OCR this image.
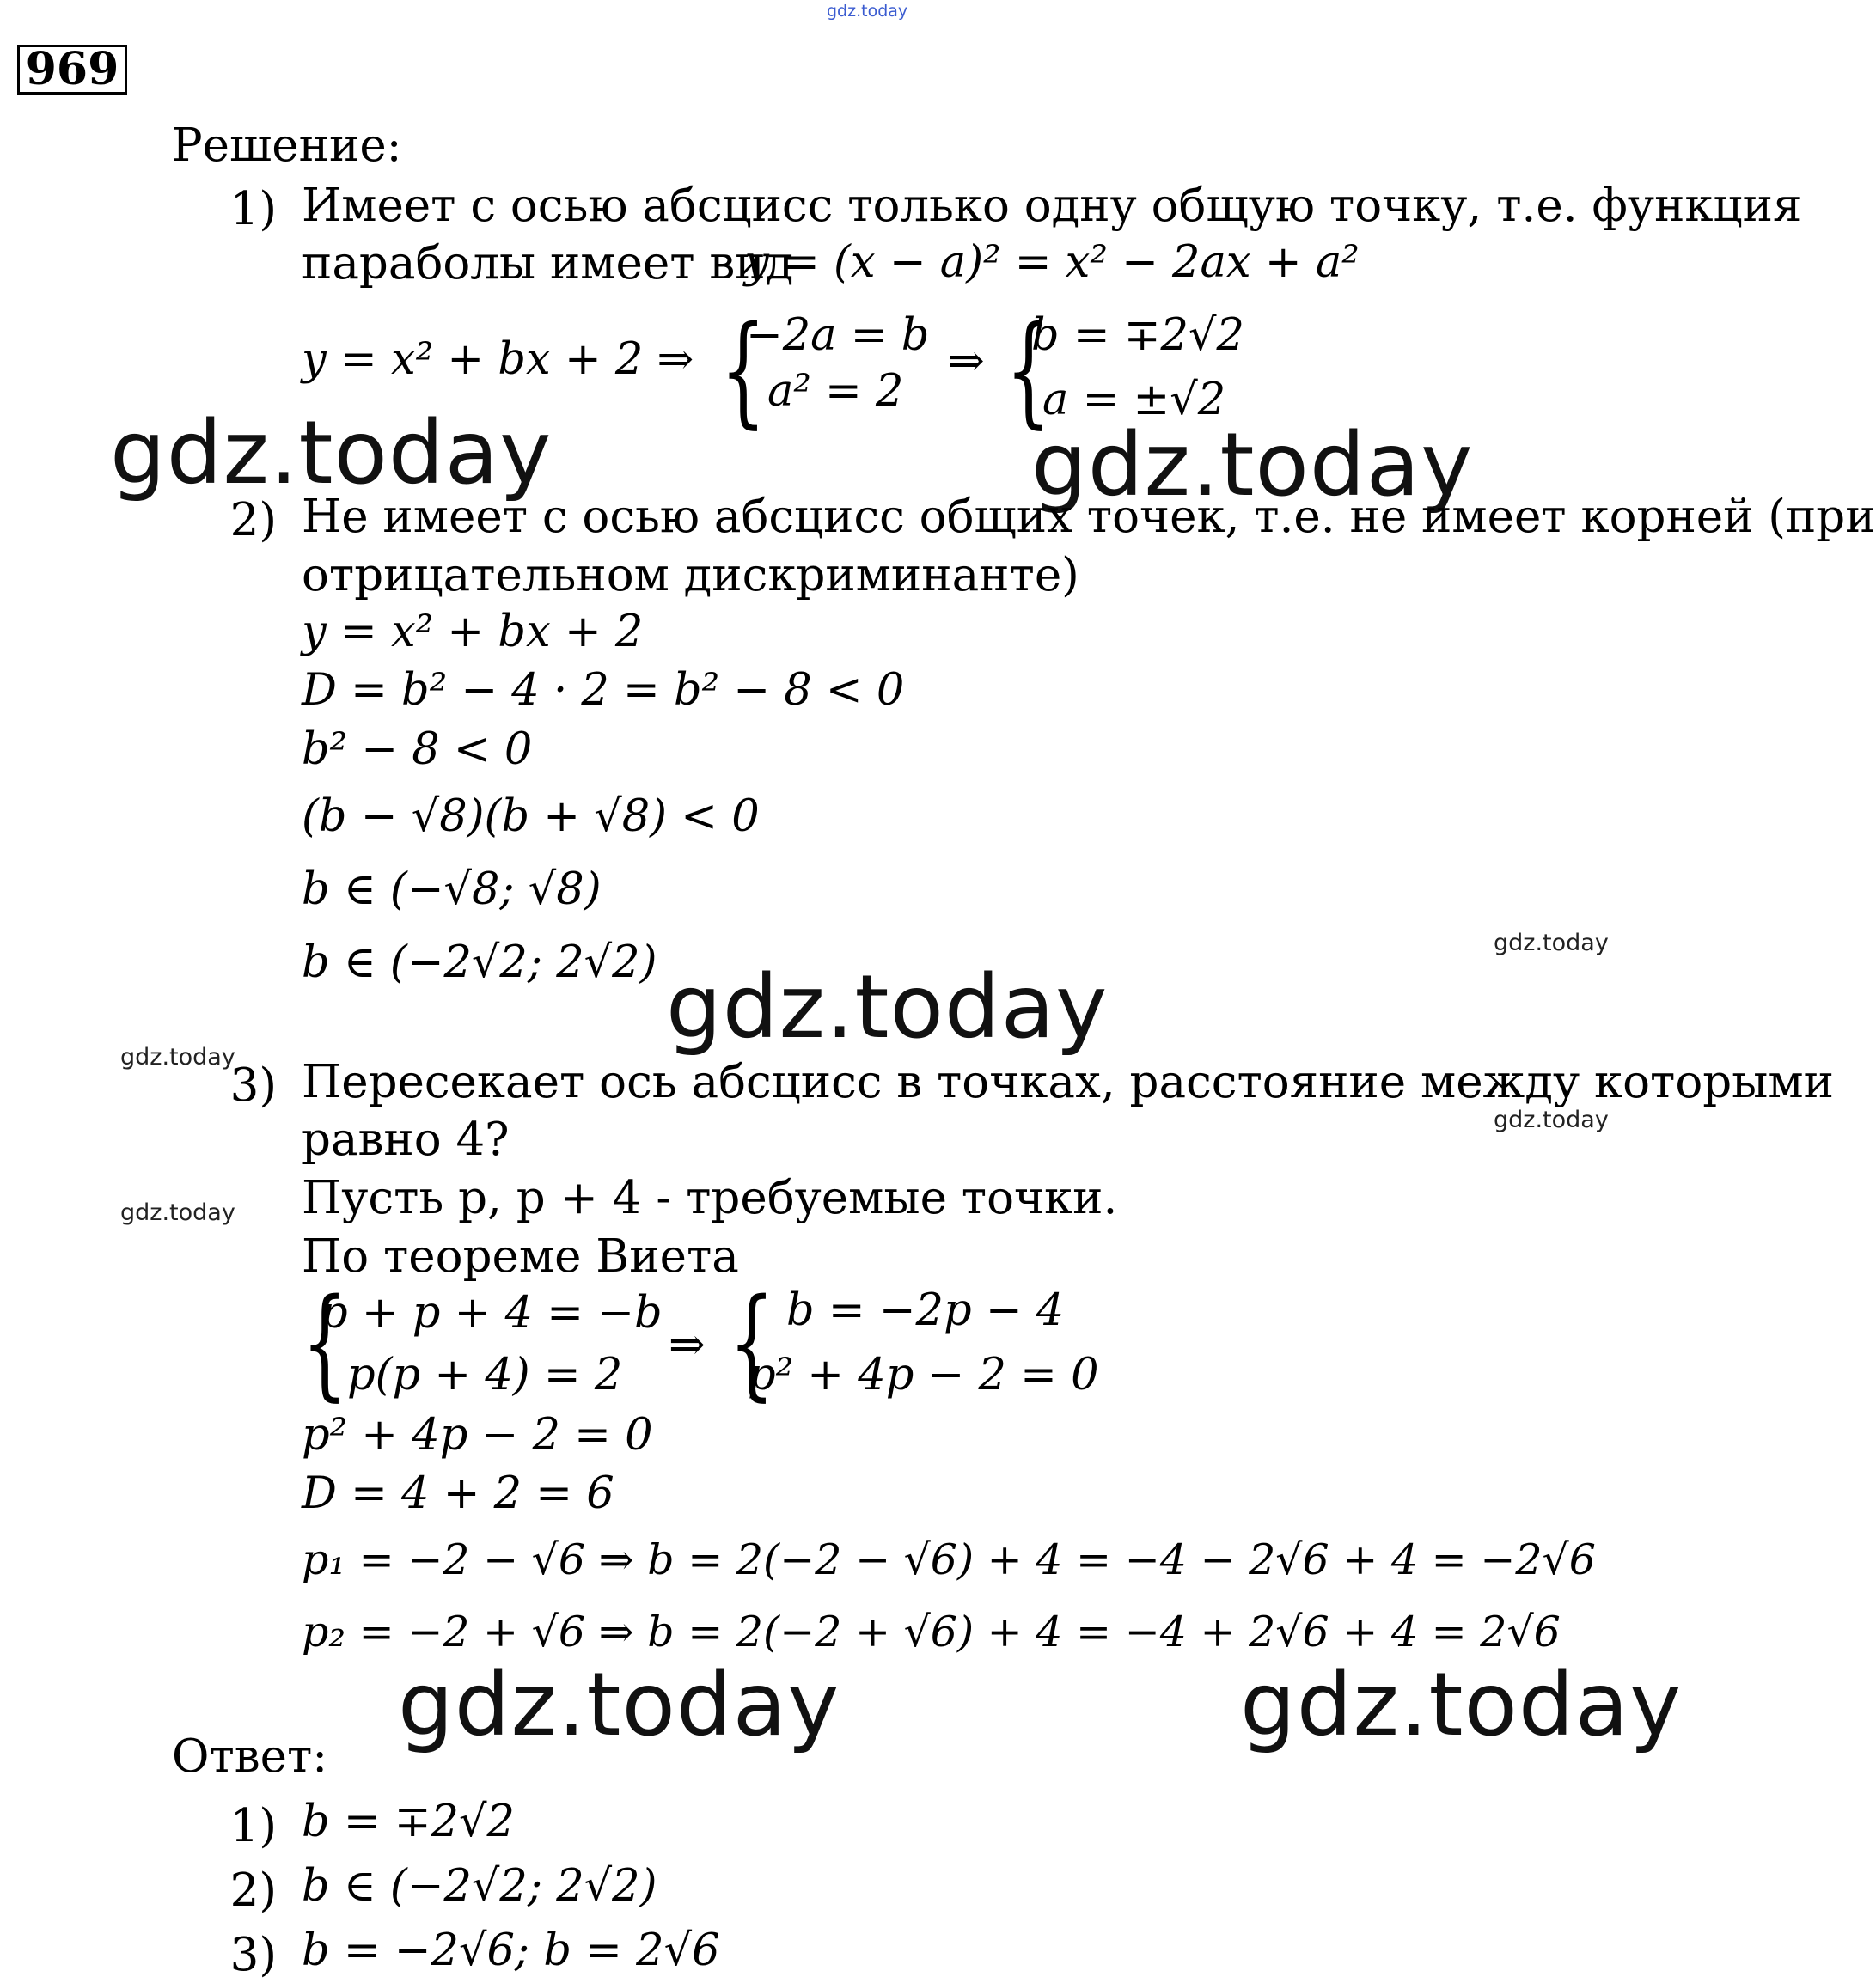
gdz.today
969
Решение:
1) Имеет с осью абсцисс только одну общую точку, т.е. функция
параболы имеет вид
y = (x − a)² = x² − 2ax + a²
y = x² + bx + 2 ⇒ {
−2a = b
a² = 2
⇒ {
b = ∓2√2
a = ±√2
gdz.today	gdz.today
2) Не имеет с осью абсцисс общих точек, т.е. не имеет корней (при
отрицательном дискриминанте)
y = x² + bx + 2
D = b² − 4 · 2 = b² − 8 < 0
b² − 8 < 0
(b − √8)(b + √8) < 0
b ∈ (−√8; √8)
b ∈ (−2√2; 2√2)	gdz.today
gdz.today
gdz.today
3) Пересекает ось абсцисс в точках, расстояние между которыми
gdz.today
равно 4?
gdz.today Пусть p, p + 4 - требуемые точки.
По теореме Виета
{
p + p + 4 = −b
p(p + 4) = 2
⇒ { b = −2p − 4
p² + 4p − 2 = 0
p² + 4p − 2 = 0
D = 4 + 2 = 6
p₁ = −2 − √6 ⇒ b = 2(−2 − √6) + 4 = −4 − 2√6 + 4 = −2√6
p₂ = −2 + √6 ⇒ b = 2(−2 + √6) + 4 = −4 + 2√6 + 4 = 2√6
gdz.today	gdz.today
Ответ:
1) b = ∓2√2
2) b ∈ (−2√2; 2√2)
3) b = −2√6; b = 2√6
